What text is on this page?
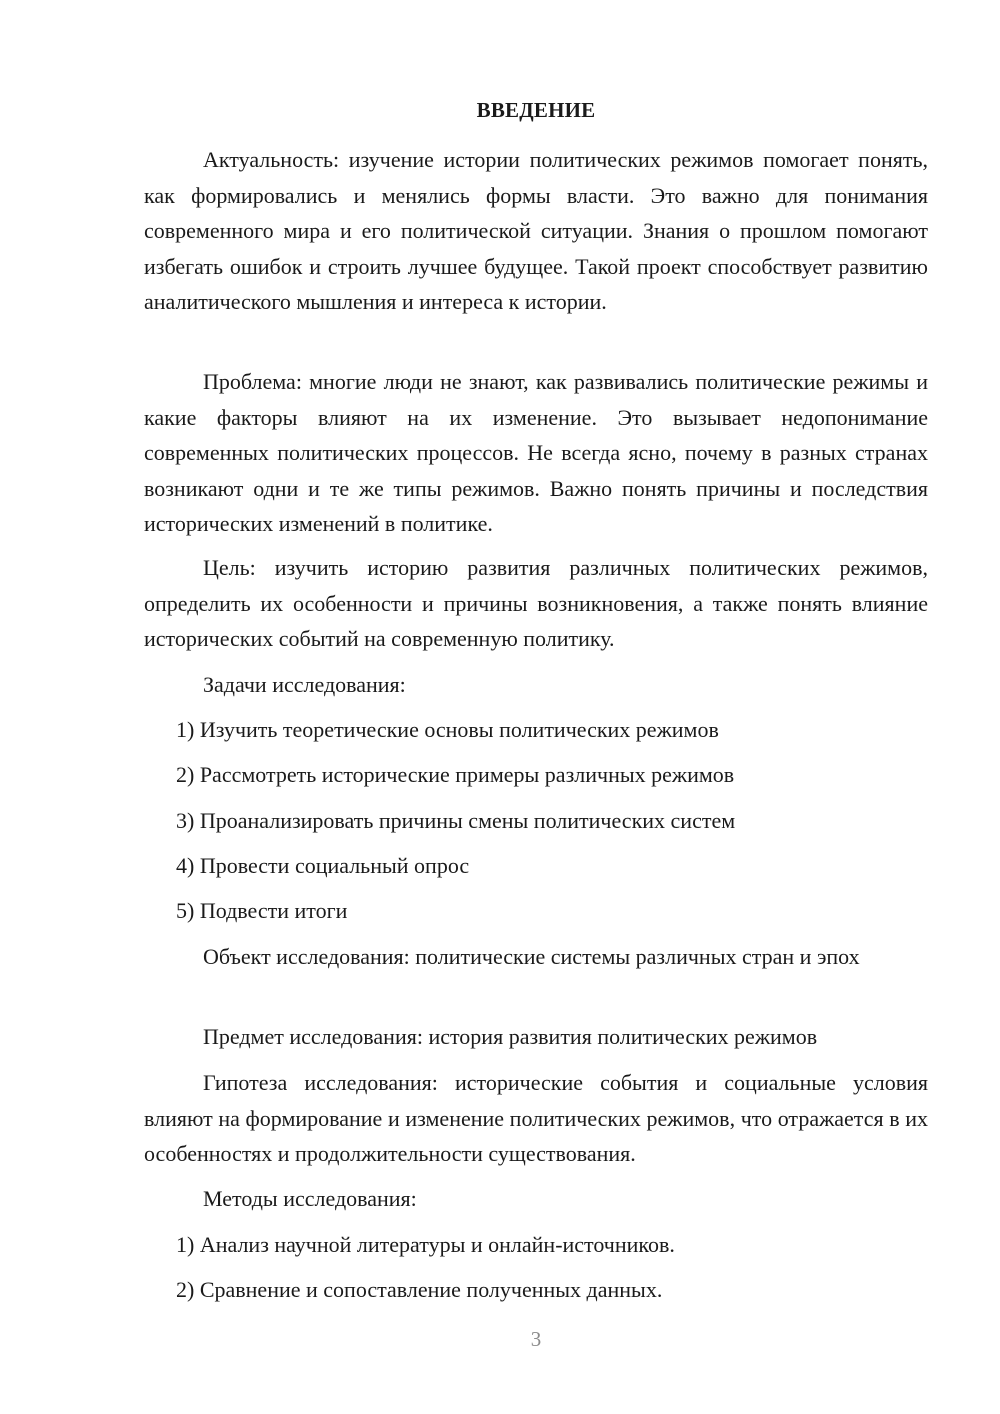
ВВЕДЕНИЕ

Актуальность: изучение истории политических режимов помогает понять, как формировались и менялись формы власти. Это важно для понимания современного мира и его политической ситуации. Знания о прошлом помогают избегать ошибок и строить лучшее будущее. Такой проект способствует развитию аналитического мышления и интереса к истории.

Проблема: многие люди не знают, как развивались политические режимы и какие факторы влияют на их изменение. Это вызывает недопонимание современных политических процессов. Не всегда ясно, почему в разных странах возникают одни и те же типы режимов. Важно понять причины и последствия исторических изменений в политике.

Цель: изучить историю развития различных политических режимов, определить их особенности и причины возникновения, а также понять влияние исторических событий на современную политику.

Задачи исследования:
1) Изучить теоретические основы политических режимов
2) Рассмотреть исторические примеры различных режимов
3) Проанализировать причины смены политических систем
4) Провести социальный опрос
5) Подвести итоги

Объект исследования: политические системы различных стран и эпох

Предмет исследования: история развития политических режимов

Гипотеза исследования: исторические события и социальные условия влияют на формирование и изменение политических режимов, что отражается в их особенностях и продолжительности существования.

Методы исследования:
1) Анализ научной литературы и онлайн-источников.
2) Сравнение и сопоставление полученных данных.
3
